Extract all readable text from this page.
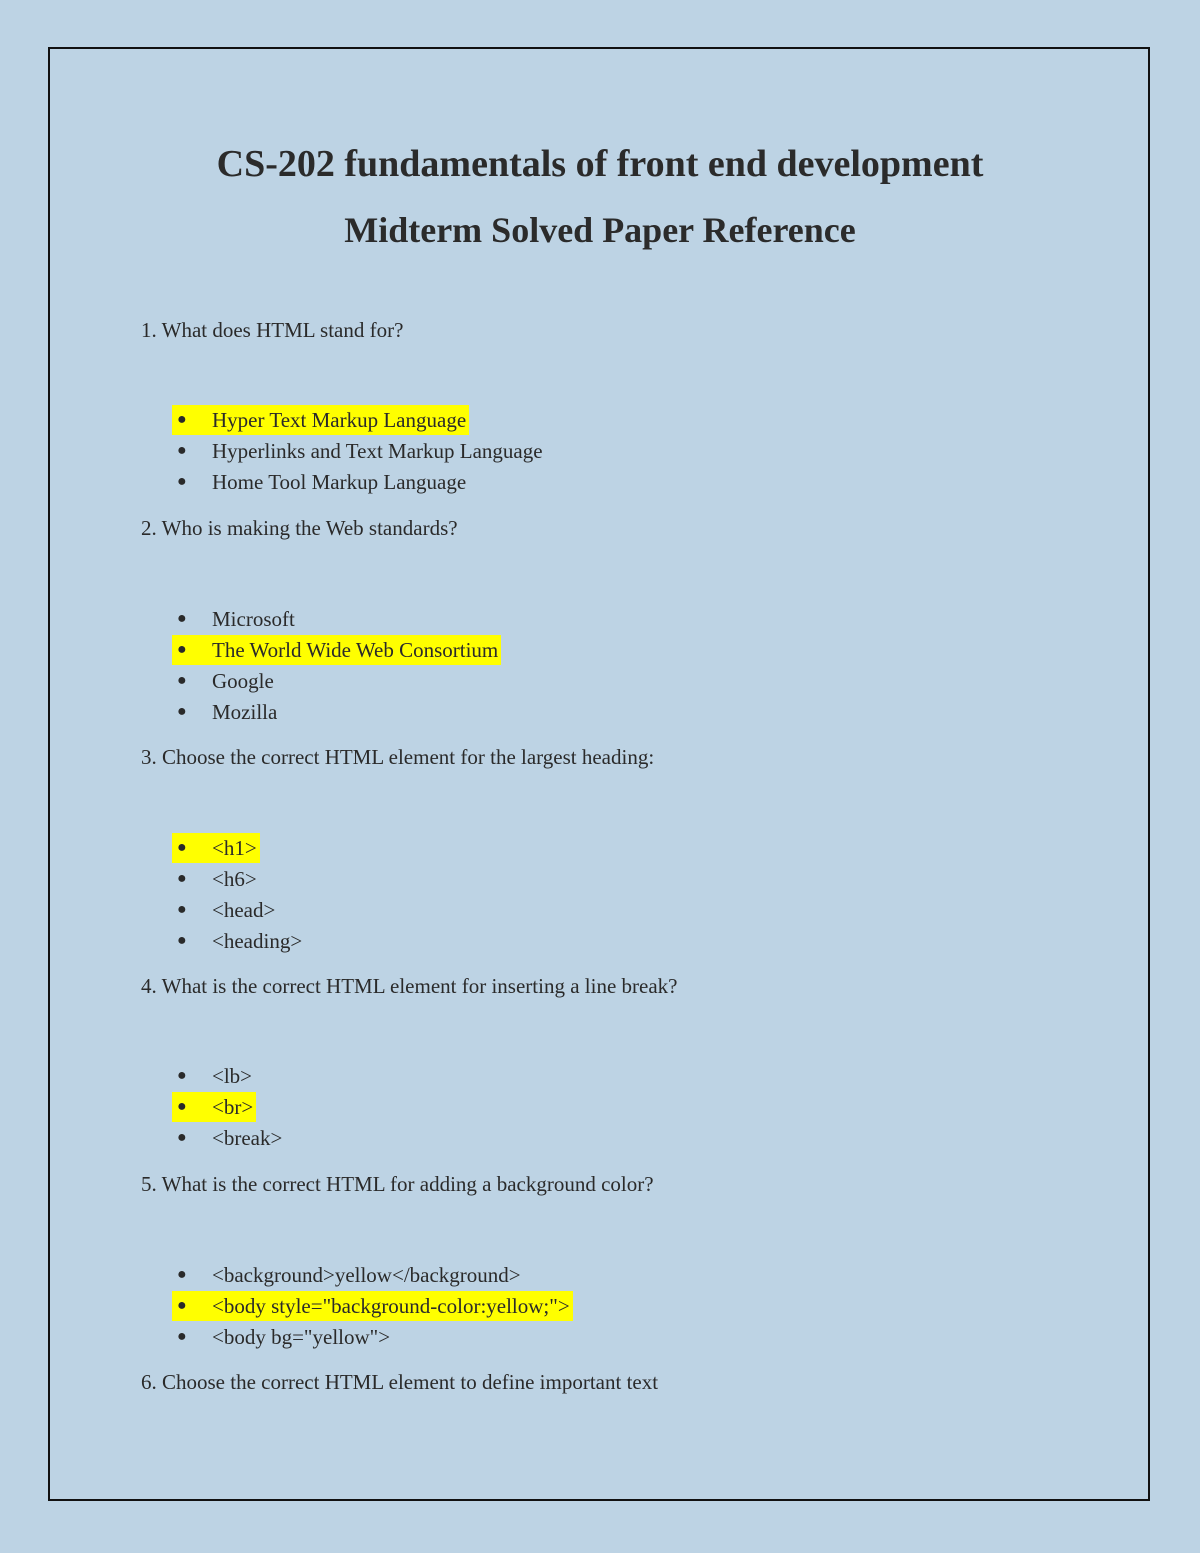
CS-202 fundamentals of front end development
Midterm Solved Paper Reference

1. What does HTML stand for?

● Hyper Text Markup Language
● Hyperlinks and Text Markup Language
● Home Tool Markup Language

2. Who is making the Web standards?

● Microsoft
● The World Wide Web Consortium
● Google
● Mozilla

3. Choose the correct HTML element for the largest heading:

● <h1>
● <h6>
● <head>
● <heading>

4. What is the correct HTML element for inserting a line break?

● <lb>
● <br>
● <break>

5. What is the correct HTML for adding a background color?

● <background>yellow</background>
● <body style="background-color:yellow;">
● <body bg="yellow">

6. Choose the correct HTML element to define important text
